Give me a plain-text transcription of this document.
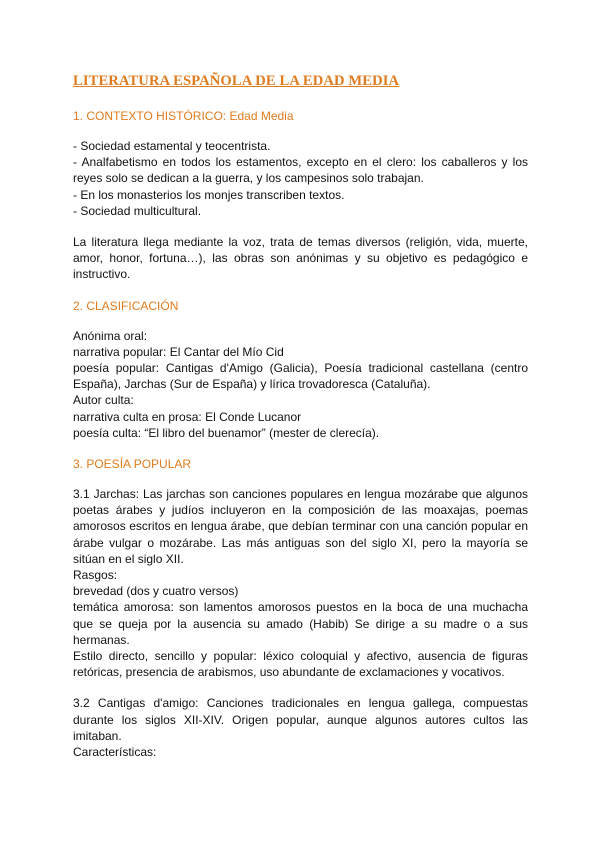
LITERATURA ESPAÑOLA DE LA EDAD MEDIA
1. CONTEXTO HISTÓRICO: Edad Media

- Sociedad estamental y teocentrista.

- Analfabetismo en todos los estamentos, excepto en el clero: los caballeros y los reyes solo se dedican a la guerra, y los campesinos solo trabajan.

- En los monasterios los monjes transcriben textos.

- Sociedad multicultural.

La literatura llega mediante la voz, trata de temas diversos (religión, vida, muerte, amor, honor, fortuna…), las obras son anónimas y su objetivo es pedagógico e instructivo.

2. CLASIFICACIÓN

Anónima oral:

narrativa popular: El Cantar del Mío Cid

poesía popular: Cantigas d'Amigo (Galicia), Poesía tradicional castellana (centro España), Jarchas (Sur de España) y lírica trovadoresca (Cataluña).

Autor culta:

narrativa culta en prosa: El Conde Lucanor

poesía culta: “El libro del buenamor” (mester de clerecía).

3. POESÍA POPULAR

3.1 Jarchas: Las jarchas son canciones populares en lengua mozárabe que algunos poetas árabes y judíos incluyeron en la composición de las moaxajas, poemas amorosos escritos en lengua árabe, que debían terminar con una canción popular en árabe vulgar o mozárabe. Las más antiguas son del siglo XI, pero la mayoría se sitúan en el siglo XII.

Rasgos:

brevedad (dos y cuatro versos)

temática amorosa: son lamentos amorosos puestos en la boca de una muchacha que se queja por la ausencia su amado (Habib) Se dirige a su madre o a sus hermanas.

Estilo directo, sencillo y popular: léxico coloquial y afectivo, ausencia de figuras retóricas, presencia de arabismos, uso abundante de exclamaciones y vocativos.

3.2 Cantigas d'amigo: Canciones tradicionales en lengua gallega, compuestas durante los siglos XII-XIV. Origen popular, aunque algunos autores cultos las imitaban.

Características:
